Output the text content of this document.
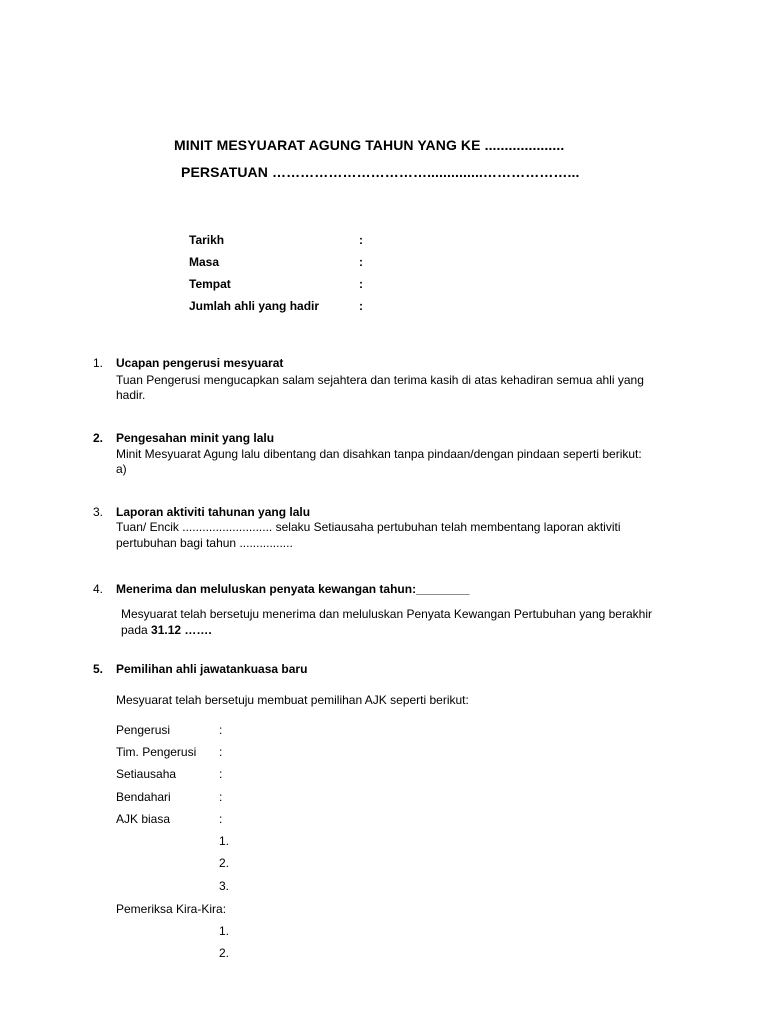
MINIT MESYUARAT AGUNG TAHUN YANG KE ....................
PERSATUAN ……………………………..............………………...
Tarikh	:
Masa	:
Tempat	:
Jumlah ahli yang hadir	:
1. Ucapan pengerusi mesyuarat
Tuan Pengerusi mengucapkan salam sejahtera dan terima kasih di atas kehadiran semua ahli yang
hadir.
2. Pengesahan minit yang lalu
Minit Mesyuarat Agung lalu dibentang dan disahkan tanpa pindaan/dengan pindaan seperti berikut:
a)
3. Laporan aktiviti tahunan yang lalu
Tuan/ Encik ........................... selaku Setiausaha pertubuhan telah membentang laporan aktiviti
pertubuhan bagi tahun ................
4. Menerima dan meluluskan penyata kewangan tahun:________
Mesyuarat telah bersetuju menerima dan meluluskan Penyata Kewangan Pertubuhan yang berakhir
pada 31.12 …….
5. Pemilihan ahli jawatankuasa baru
Mesyuarat telah bersetuju membuat pemilihan AJK seperti berikut:
Pengerusi	:
Tim. Pengerusi :
Setiausaha	:
Bendahari	:
AJK biasa	:
1.
2.
3.
Pemeriksa Kira-Kira:
1.
2.
